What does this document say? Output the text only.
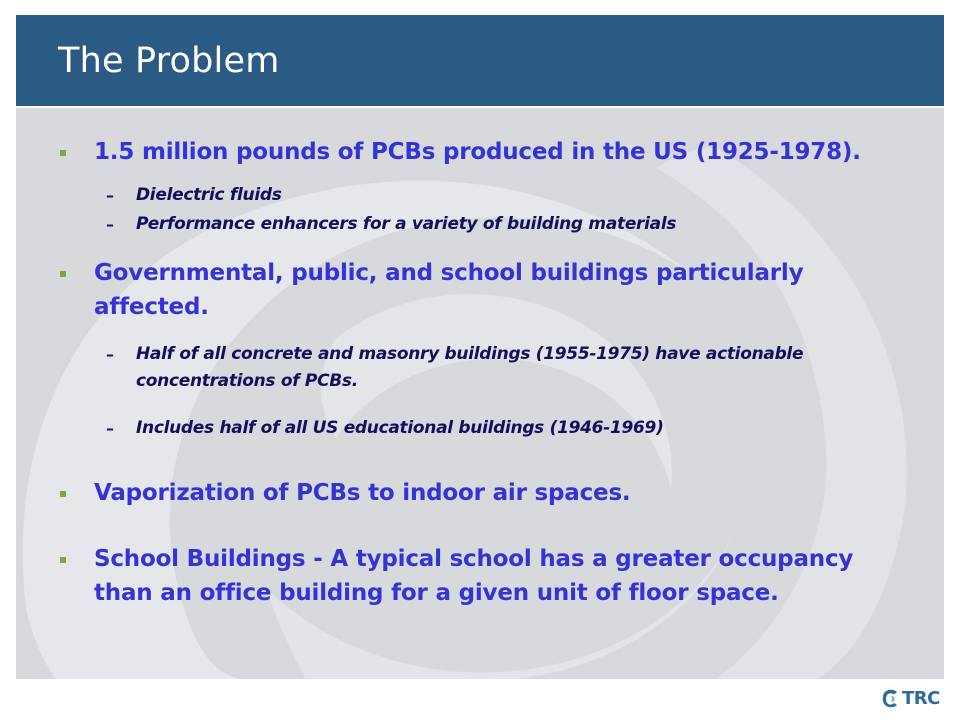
The Problem
1.5 million pounds of PCBs produced in the US (1925-1978).
– Dielectric fluids
– Performance enhancers for a variety of building materials
Governmental, public, and school buildings particularly affected.
– Half of all concrete and masonry buildings (1955-1975) have actionable concentrations of PCBs.
– Includes half of all US educational buildings (1946-1969)
Vaporization of PCBs to indoor air spaces.
School Buildings - A typical school has a greater occupancy than an office building for a given unit of floor space.
TRC
